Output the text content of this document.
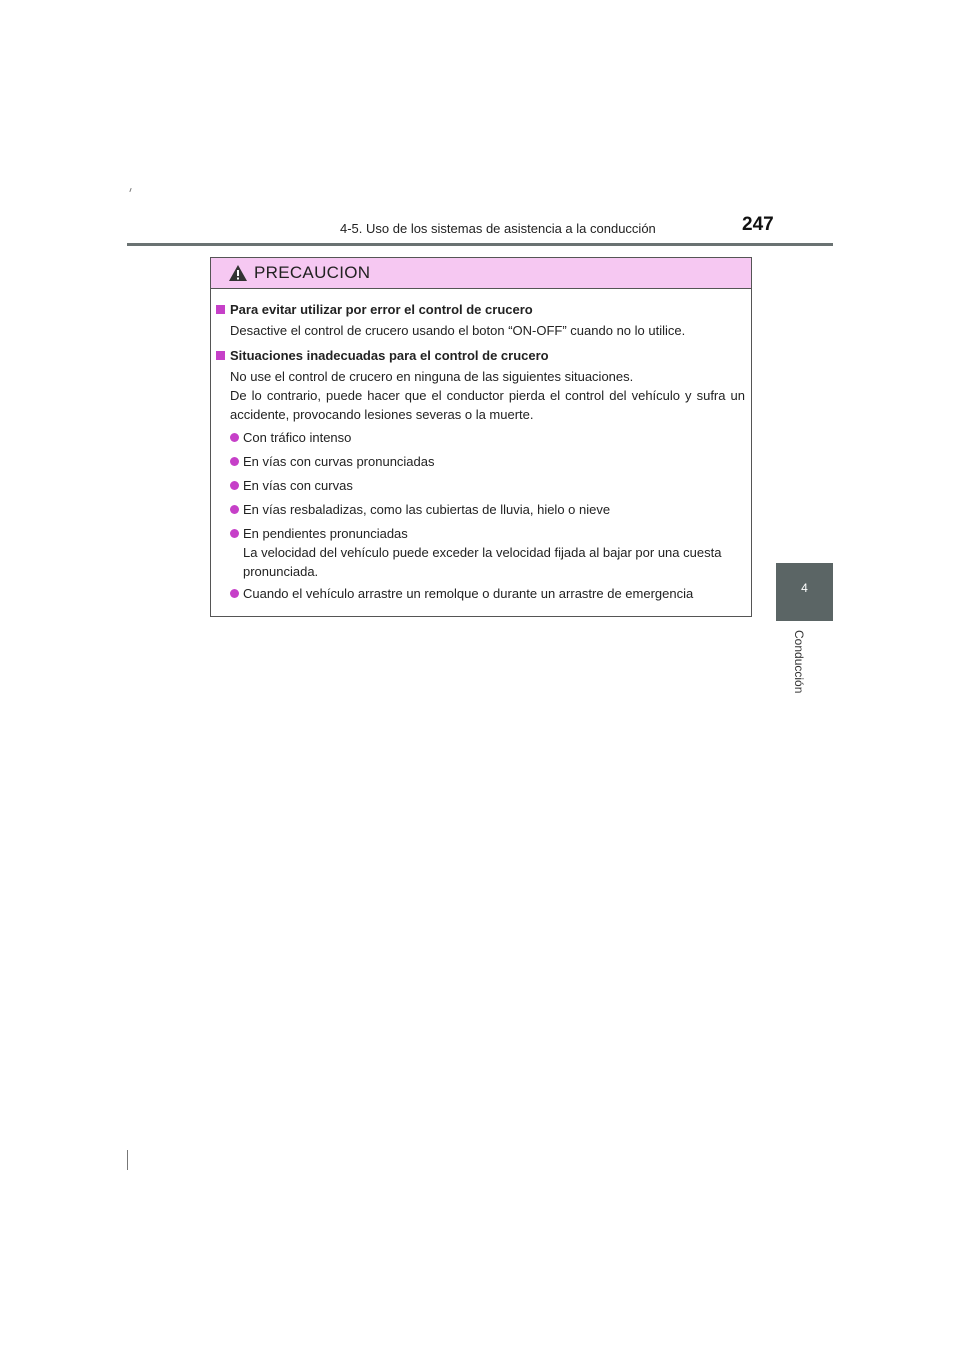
4-5. Uso de los sistemas de asistencia a la conducción	247
4
Conducción
PRECAUCION
Para evitar utilizar por error el control de crucero
Desactive el control de crucero usando el boton “ON-OFF” cuando no lo utilice.
Situaciones inadecuadas para el control de crucero
No use el control de crucero en ninguna de las siguientes situaciones.
De lo contrario, puede hacer que el conductor pierda el control del vehículo y sufra un accidente, provocando lesiones severas o la muerte.
Con tráfico intenso
En vías con curvas pronunciadas
En vías con curvas
En vías resbaladizas, como las cubiertas de lluvia, hielo o nieve
En pendientes pronunciadas
La velocidad del vehículo puede exceder la velocidad fijada al bajar por una cuesta pronunciada.
Cuando el vehículo arrastre un remolque o durante un arrastre de emergencia
